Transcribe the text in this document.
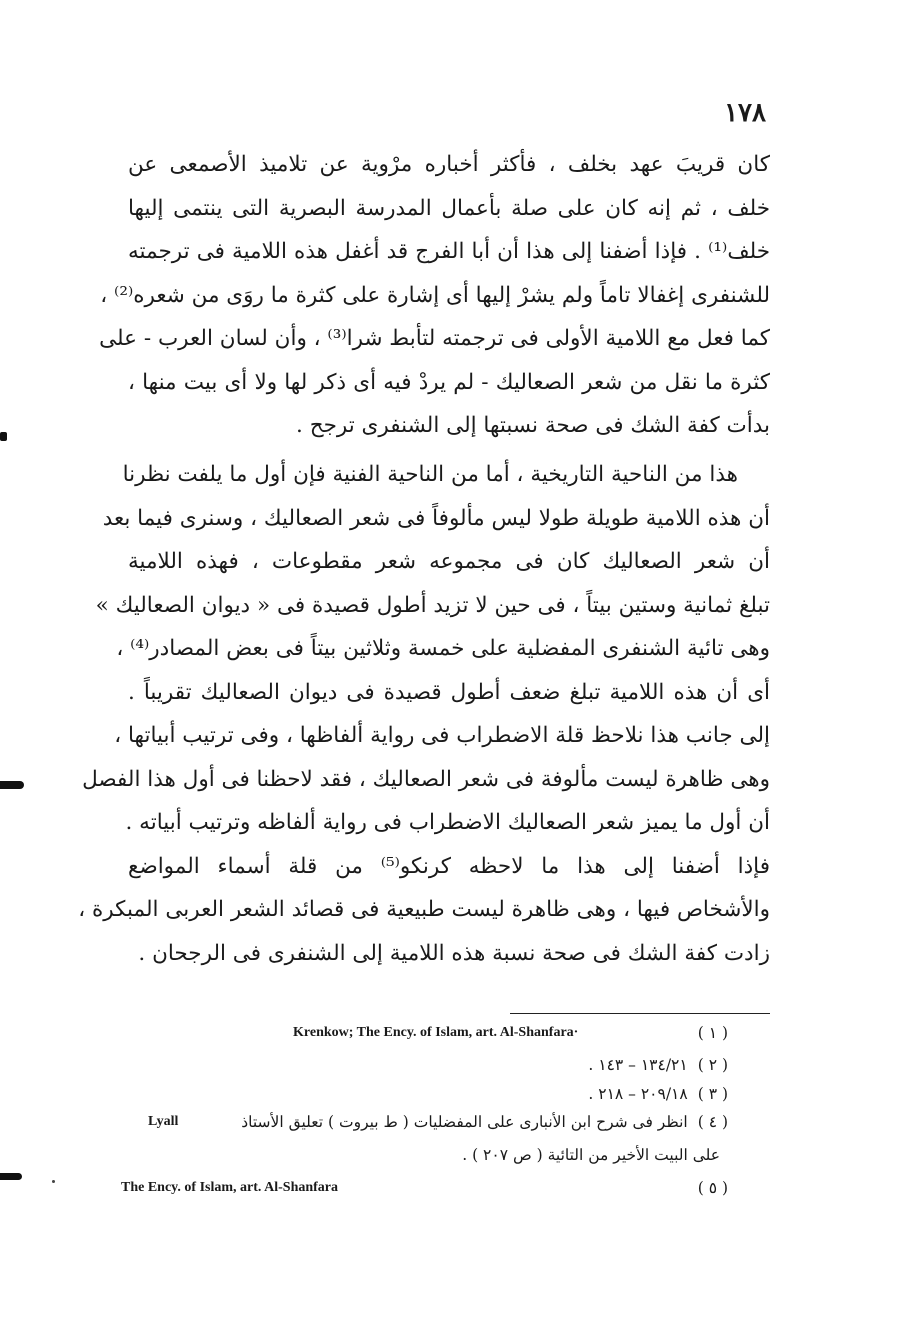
١٧٨
كان قريبَ عهد بخلف ، فأكثر أخباره مرْوية عن تلاميذ الأصمعى عن
خلف ، ثم إنه كان على صلة بأعمال المدرسة البصرية التى ينتمى إليها
خلف⁽¹⁾ . فإذا أضفنا إلى هذا أن أبا الفرج قد أغفل هذه اللامية فى ترجمته
للشنفرى إغفالا تاماً ولم يشرْ إليها أى إشارة على كثرة ما روَى من شعره⁽²⁾ ،
كما فعل مع اللامية الأولى فى ترجمته لتأبط شرا⁽³⁾ ، وأن لسان العرب - على
كثرة ما نقل من شعر الصعاليك - لم يردْ فيه أى ذكر لها ولا أى بيت منها ،
بدأت كفة الشك فى صحة نسبتها إلى الشنفرى ترجح .
هذا من الناحية التاريخية ، أما من الناحية الفنية فإن أول ما يلفت نظرنا
أن هذه اللامية طويلة طولا ليس مألوفاً فى شعر الصعاليك ، وسنرى فيما بعد
أن شعر الصعاليك كان فى مجموعه شعر مقطوعات ، فهذه اللامية
تبلغ ثمانية وستين بيتاً ، فى حين لا تزيد أطول قصيدة فى « ديوان الصعاليك »
وهى تائية الشنفرى المفضلية على خمسة وثلاثين بيتاً فى بعض المصادر⁽⁴⁾ ،
أى أن هذه اللامية تبلغ ضعف أطول قصيدة فى ديوان الصعاليك تقريباً .
إلى جانب هذا نلاحظ قلة الاضطراب فى رواية ألفاظها ، وفى ترتيب أبياتها ،
وهى ظاهرة ليست مألوفة فى شعر الصعاليك ، فقد لاحظنا فى أول هذا الفصل
أن أول ما يميز شعر الصعاليك الاضطراب فى رواية ألفاظه وترتيب أبياته .
فإذا أضفنا إلى هذا ما لاحظه كرنكو⁽⁵⁾ من قلة أسماء المواضع
والأشخاص فيها ، وهى ظاهرة ليست طبيعية فى قصائد الشعر العربى المبكرة ،
زادت كفة الشك فى صحة نسبة هذه اللامية إلى الشنفرى فى الرجحان .
( ١ )
Krenkow; The Ency. of Islam, art. Al-Shanfara·
( ٢ )١٣٤/٢١ – ١٤٣ .
( ٣ )٢٠٩/١٨ – ٢١٨ .
( ٤ )انظر فى شرح ابن الأنبارى على المفضليات ( ط بيروت ) تعليق الأستاذ
Lyall
على البيت الأخير من التائية ( ص ٢٠٧ ) .
( ٥ )
The Ency. of Islam, art. Al-Shanfara
